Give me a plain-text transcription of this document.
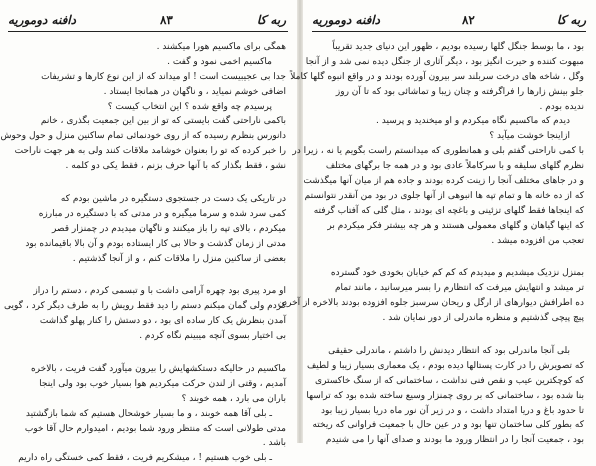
ربه کا
۸۳
دافنه دوموریه
همگی برای ماکسیم هورا میکشند .
ماکسیم اخمی نمود و گفت .
جدا بی عجیبیست است ! او میداند که از این نوع کارها و تشریفات
اضافی خوشم نمیاید ، و ناگهان در همانجا ایستاد .
پرسیدم چه واقع شده ؟ این انتخاب کیست ؟
باکمی ناراحتی گفت بایستی که تو از بین این جمعیت بگذری ، خانم
دانورس بنظرم رسیده که از روی خودنمائی تمام ساکنین منزل و حول وحوش
را خبر کرده که تو را بعنوان خوشامد ملاقات کنند ولی به هر جهت ناراحت
نشو ، فقط بگذار که با آنها حرف بزنم ، فقط یکی دو کلمه .
در تاریکی یک دست در جستجوی دستگیره در ماشین بودم که
کمی سرد شده و سرما میگیره و در مدتی که با دستگیره در مبارزه
میکردم ، بالای تپه را باز میکنند و ناگهان میدیدم در چمنزار قصر
مدتی از زمان گذشت و حالا بی کار ایستاده بودم و آن بالا باقیمانده بود
بعضی از ساکنین منزل را ملاقات کنم ، و از آنجا گذشتیم .
او مرد پیری بود چهره آرامی داشت با و تبسمی کردم ، دستم را دراز
کردم ولی گمان میکنم دستم را دید فقط رویش را به طرف دیگر کرد ، گویی
آمدن بنظرش یک کار ساده ای بود ، دو دستش را کنار پهلو گذاشت
بی اختیار بسوی آنچه میبینم نگاه کردم .
ماکسیم در حالیکه دستکشهایش را بیرون میآورد گفت فریت ، بالاخره
آمدیم ، وقتی از لندن حرکت میکردیم هوا بسیار خوب بود ولی اینجا
باران می بارد ، همه خوبند ؟
ـ بلی آقا همه خوبند ، و ما بسیار خوشحال هستیم که شما بازگشتید
مدتی طولانی است که منتظر ورود شما بودیم ، امیدوارم حال آقا خوب
باشد .
ـ بلی خوب هستیم ! ، میشکریم فریت ، فقط کمی خستگی راه داریم
ربه کا
۸۲
دافنه دوموریه
بود ، ما بوسط جنگل گلها رسیده بودیم ، ظهور این دنیای جدید تقریباً
مبهوت کننده و حیرت انگیز بود ، دیگر آثاری از جنگل دیده نمی شد و از آنجا
وگل ، شاخه های درخت سربلند سر بیرون آورده بودند و در واقع انبوه گلها کاملاً
جلو بینش زارها را فراگرفته و چنان زیبا و تماشائی بود که تا آن روز
ندیده بودم .
دیدم که ماکسیم نگاه میکردم و او میخندید و پرسید .
ازاینجا خوشت میآید ؟
با کمی ناراحتی گفتم بلی و همانطوری که میدانستم راست بگویم یا نه ، زیرا در
نظرم گلهای سلیقه و با سرکاملاً عادی بود و در همه جا برگهای مختلف
و در جاهای مختلف آنجا را زینت کرده بودند و جاده هم از میان آنها میگذشت
که از ده خانه ها و تمام تپه ها انبوهی از آنها جلوی در بود من آنقدر نتوانستم
که اینجاها فقط گلهای تزئینی و باغچه ای بودند ، مثل گلی که آفتاب گرفته
که اینها گیاهان و گلهای معمولی هستند و هر چه بیشتر فکر میکردم بر
تعجب من افزوده میشد .
بمنزل نزدیک میشدیم و میدیدم که کم کم خیابان بخودی خود گسترده
تر میشد و انتهایش میرفت که انتظارم را بسر میرسانید ، مانند تمام
ده اطرافش دیوارهای از ارگل و ریحان سرسبز جلوه افزوده بودند بالاخره از آخرین
پیچ پیچی گذشتیم و منظره ماندرلی از دور نمایان شد .
بلی آنجا ماندرلی بود که انتظار دیدنش را داشتم ، ماندرلی حقیقی
که تصویرش را در کارت پستالها دیده بودم ، یک معماری بسیار زیبا و لطیف
که کوچکترین عیب و نقص فنی نداشت ، ساختمانی که از سنگ خاکستری
بنا شده بود ، ساختمانی که بر روی چمنزار وسیع ساخته شده بود که تراسها
تا حدود باغ و دریا امتداد داشت ، و در زیر آن نور ماه دریا بسیار زیبا بود
که بطور کلی ساختمان تنها بود و در عین حال با جمعیت فراوانی که ریخته
بود ، جمعیت آنجا را در انتظار ورود ما بودند و صدای آنها را می شنیدم
